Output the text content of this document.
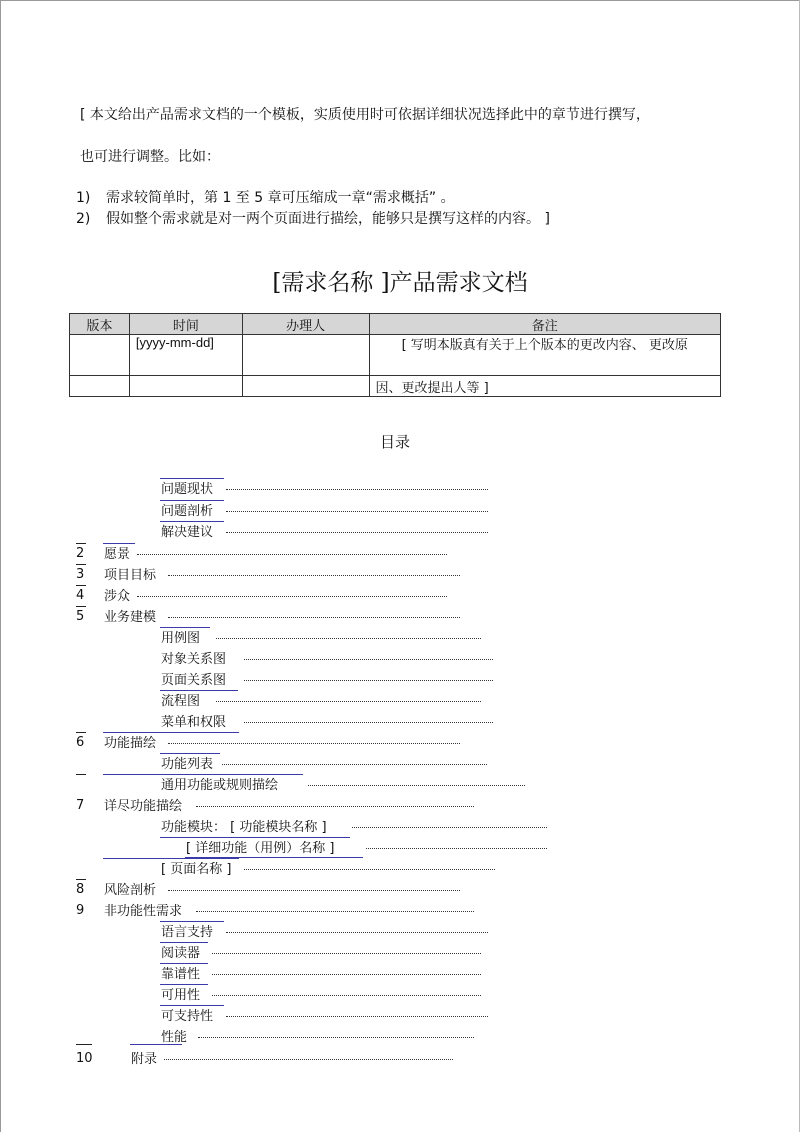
[ 本文给出产品需求文档的一个模板，实质使用时可依据详细状况选择此中的章节进行撰写，
也可进行调整。比如：
1) 需求较简单时，第 1 至 5 章可压缩成一章“需求概括” 。
2) 假如整个需求就是对一两个页面进行描绘，能够只是撰写这样的内容。 ]
[需求名称 ]产品需求文档
版本	时间	办理人	备注
	[yyyy-mm-dd]		[ 写明本版真有关于上个版本的更改内容、 更改原

			因、更改提出人等 ]
目录
问题现状
问题剖析
解决建议
2 愿景
3 项目目标
4 涉众
5 业务建模
用例图
对象关系图
页面关系图
流程图
菜单和权限
6 功能描绘
功能列表
通用功能或规则描绘
7 详尽功能描绘
功能模块： [ 功能模块名称 ]
[ 详细功能（用例）名称 ]
[ 页面名称 ]
8 风险剖析
9 非功能性需求
语言支持
阅读器
靠谱性
可用性
可支持性
性能
10	附录
